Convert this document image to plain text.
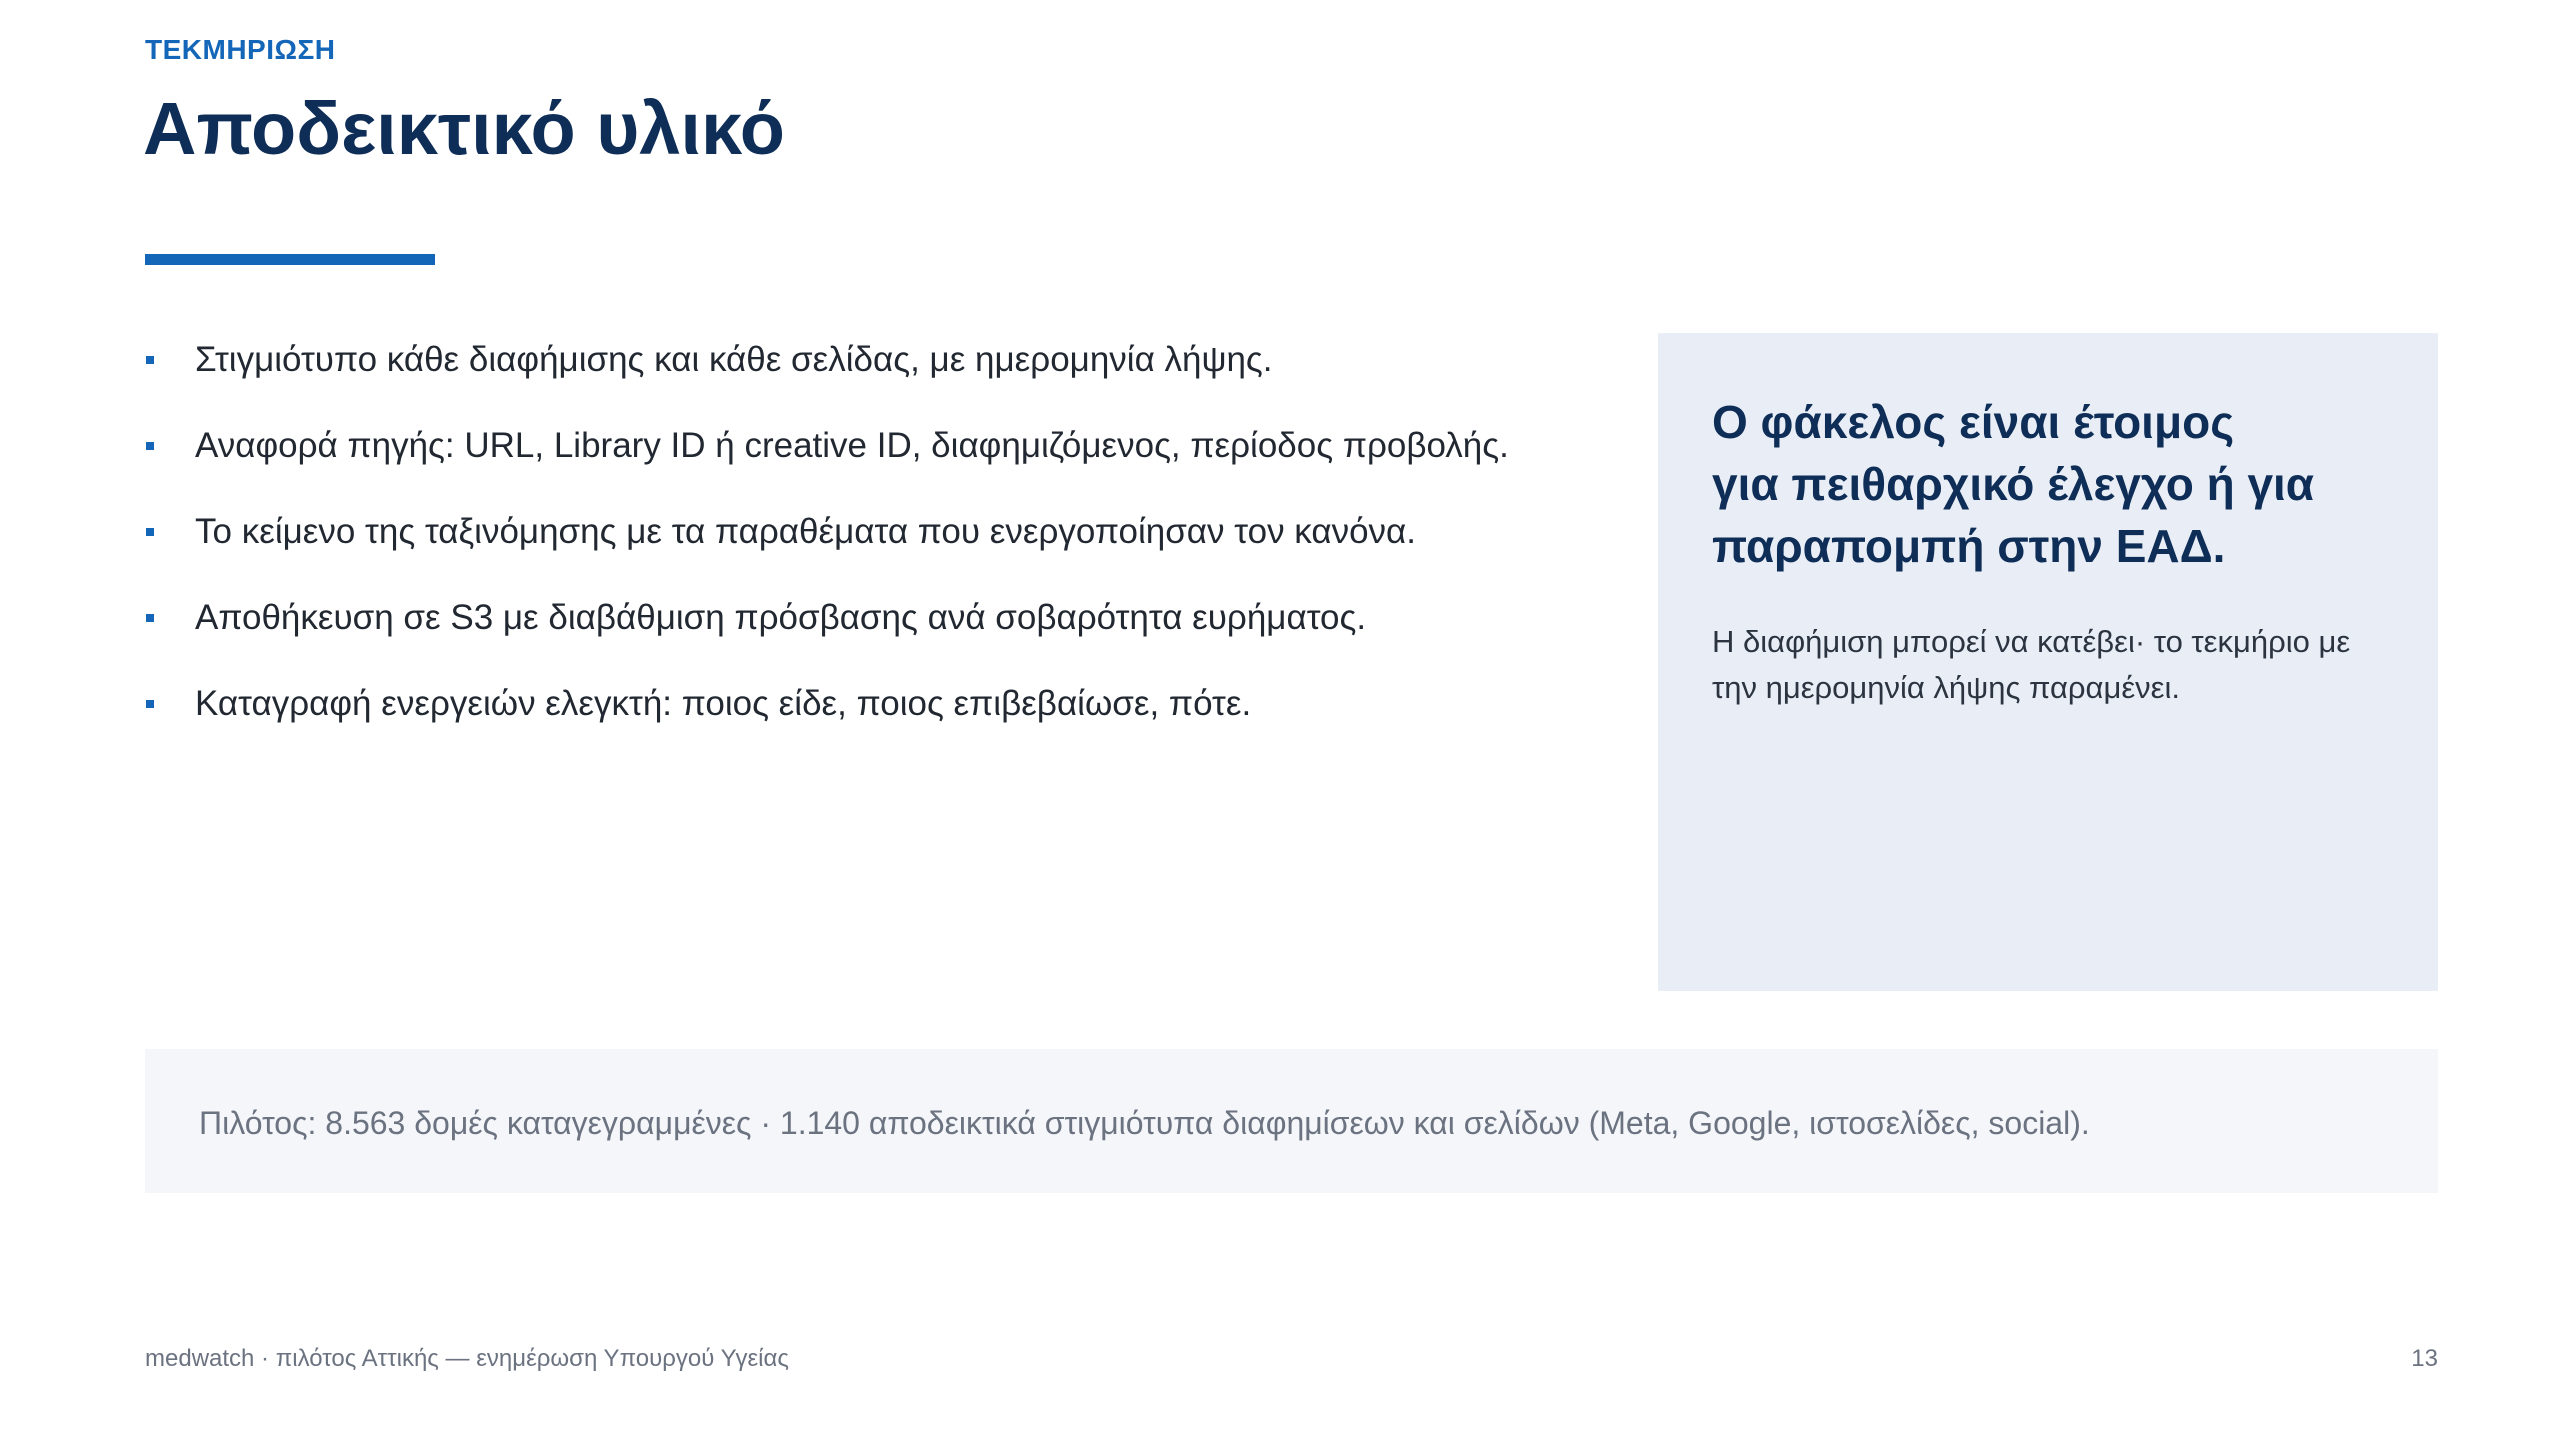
ΤΕΚΜΗΡΙΩΣΗ
Αποδεικτικό υλικό
Στιγμιότυπο κάθε διαφήμισης και κάθε σελίδας, με ημερομηνία λήψης.
Αναφορά πηγής: URL, Library ID ή creative ID, διαφημιζόμενος, περίοδος προβολής.
Το κείμενο της ταξινόμησης με τα παραθέματα που ενεργοποίησαν τον κανόνα.
Αποθήκευση σε S3 με διαβάθμιση πρόσβασης ανά σοβαρότητα ευρήματος.
Καταγραφή ενεργειών ελεγκτή: ποιος είδε, ποιος επιβεβαίωσε, πότε.
Ο φάκελος είναι έτοιμος
για πειθαρχικό έλεγχο ή για
παραπομπή στην ΕΑΔ.

Η διαφήμιση μπορεί να κατέβει· το τεκμήριο με την ημερομηνία λήψης παραμένει.

Πιλότος: 8.563 δομές καταγεγραμμένες · 1.140 αποδεικτικά στιγμιότυπα διαφημίσεων και σελίδων (Meta, Google, ιστοσελίδες, social).
medwatch · πιλότος Αττικής — ενημέρωση Υπουργού Υγείας	13
